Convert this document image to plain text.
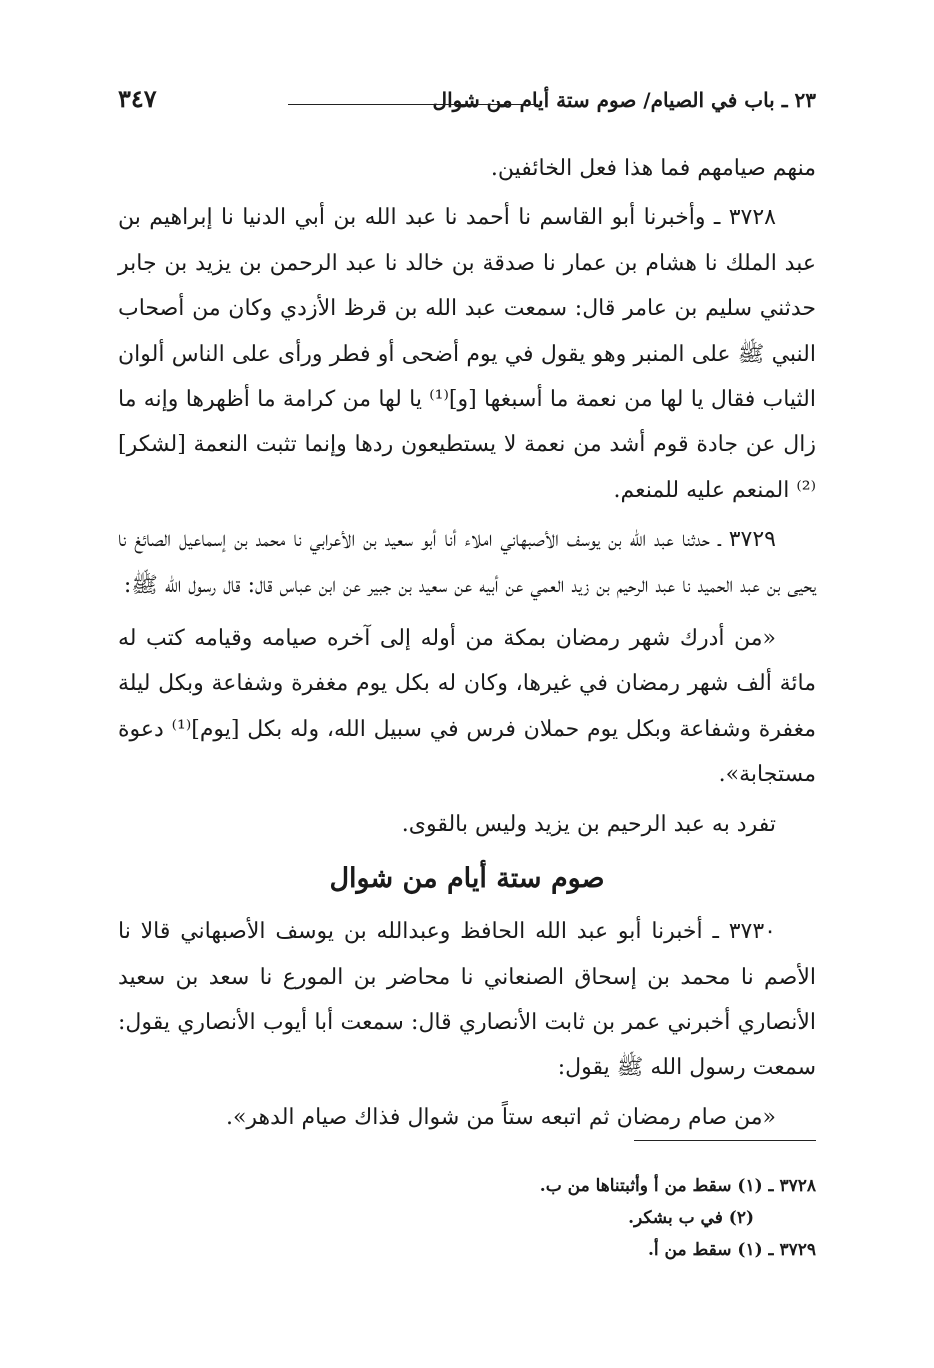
٢٣ ـ باب في الصيام/ صوم ستة أيام من شوال
٣٤٧

منهم صيامهم فما هذا فعل الخائفين.

٣٧٢٨ ـ وأخبرنا أبو القاسم نا أحمد نا عبد الله بن أبي الدنيا نا إبراهيم بن عبد الملك نا هشام بن عمار نا صدقة بن خالد نا عبد الرحمن بن يزيد بن جابر حدثني سليم بن عامر قال: سمعت عبد الله بن قرظ الأزدي وكان من أصحاب النبي ﷺ على المنبر وهو يقول في يوم أضحى أو فطر ورأى على الناس ألوان الثياب فقال يا لها من نعمة ما أسبغها [و]⁽¹⁾ يا لها من كرامة ما أظهرها وإنه ما زال عن جادة قوم أشد من نعمة لا يستطيعون ردها وإنما تثبت النعمة [لشكر]⁽²⁾ المنعم عليه للمنعم.

٣٧٢٩ ـ حدثنا عبد الله بن يوسف الأصبهاني املاء أنا أبو سعيد بن الأعرابي نا محمد بن إسماعيل الصائغ نا يحيى بن عبد الحميد نا عبد الرحيم بن زيد العمي عن أبيه عن سعيد بن جبير عن ابن عباس قال: قال رسول الله ﷺ:

«من أدرك شهر رمضان بمكة من أوله إلى آخره صيامه وقيامه كتب له مائة ألف شهر رمضان في غيرها، وكان له بكل يوم مغفرة وشفاعة وبكل ليلة مغفرة وشفاعة وبكل يوم حملان فرس في سبيل الله، وله بكل [يوم]⁽¹⁾ دعوة مستجابة».

تفرد به عبد الرحيم بن يزيد وليس بالقوى.

صوم ستة أيام من شوال

٣٧٣٠ ـ أخبرنا أبو عبد الله الحافظ وعبدالله بن يوسف الأصبهاني قالا نا الأصم نا محمد بن إسحاق الصنعاني نا محاضر بن المورع نا سعد بن سعيد الأنصاري أخبرني عمر بن ثابت الأنصاري قال: سمعت أبا أيوب الأنصاري يقول: سمعت رسول الله ﷺ يقول:

«من صام رمضان ثم اتبعه ستاً من شوال فذاك صيام الدهر».

٣٧٢٨ ـ (١) سقط من أ وأثبتناها من ب.

(٢) في ب بشكر.

٣٧٢٩ ـ (١) سقط من أ.
